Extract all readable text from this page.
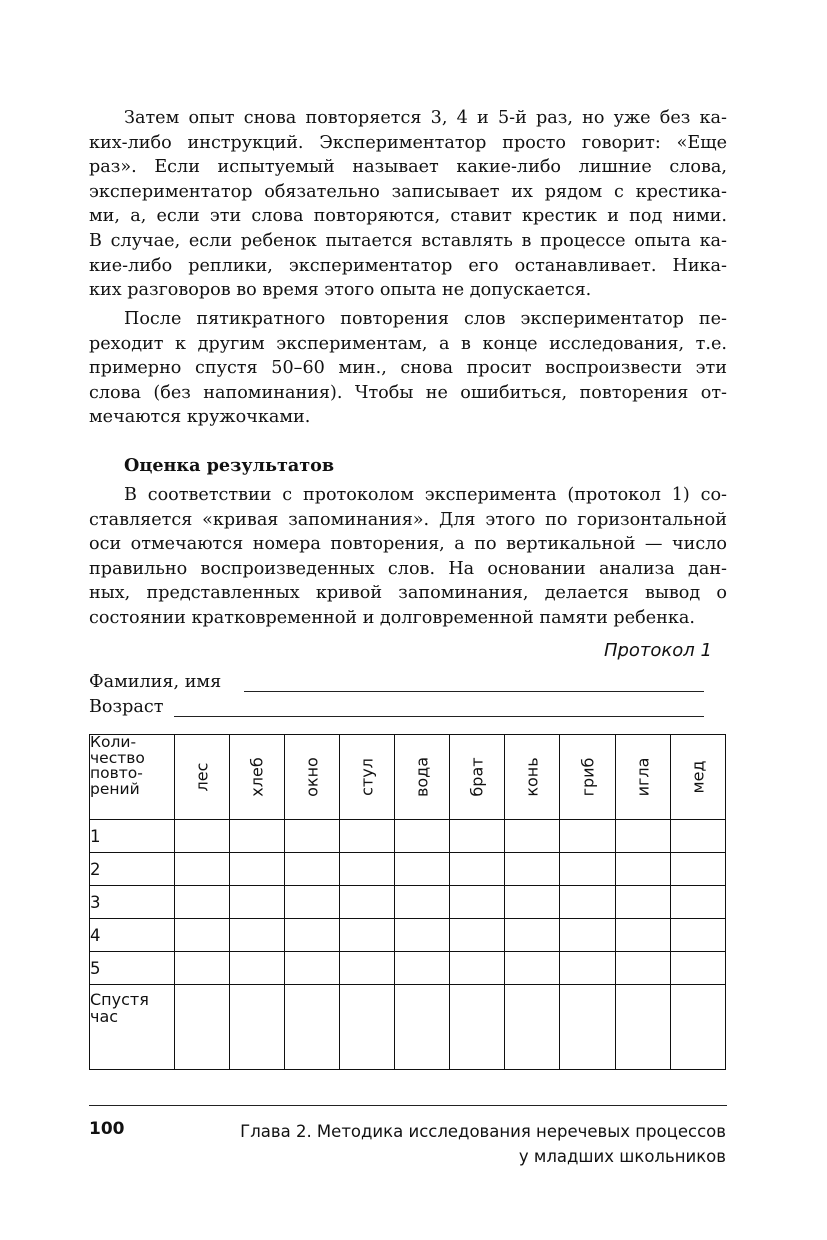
Затем опыт снова повторяется 3, 4 и 5-й раз, но уже без ка-

ких-либо инструкций. Экспериментатор просто говорит: «Еще

раз». Если испытуемый называет какие-либо лишние слова,

экспериментатор обязательно записывает их рядом с крестика-

ми, а, если эти слова повторяются, ставит крестик и под ними.

В случае, если ребенок пытается вставлять в процессе опыта ка-

кие-либо реплики, экспериментатор его останавливает. Ника-

ких разговоров во время этого опыта не допускается.

После пятикратного повторения слов экспериментатор пе-

реходит к другим экспериментам, а в конце исследования, т.е.

примерно спустя 50–60 мин., снова просит воспроизвести эти

слова (без напоминания). Чтобы не ошибиться, повторения от-

мечаются кружочками.

Оценка результатов

В соответствии с протоколом эксперимента (протокол 1) со-

ставляется «кривая запоминания». Для этого по горизонтальной

оси отмечаются номера повторения, а по вертикальной — число

правильно воспроизведенных слов. На основании анализа дан-

ных, представленных кривой запоминания, делается вывод о

состоянии кратковременной и долговременной памяти ребенка.

Протокол 1
Фамилия, имя
Возраст
Коли-
чество
повто-
рений	лес	хлеб	окно	стул	вода	брат	конь	гриб	игла	мед

1										
2										
3										
4										
5										

Спустя
час										

100	Глава 2. Методика исследования неречевых процессов
у младших школьников
